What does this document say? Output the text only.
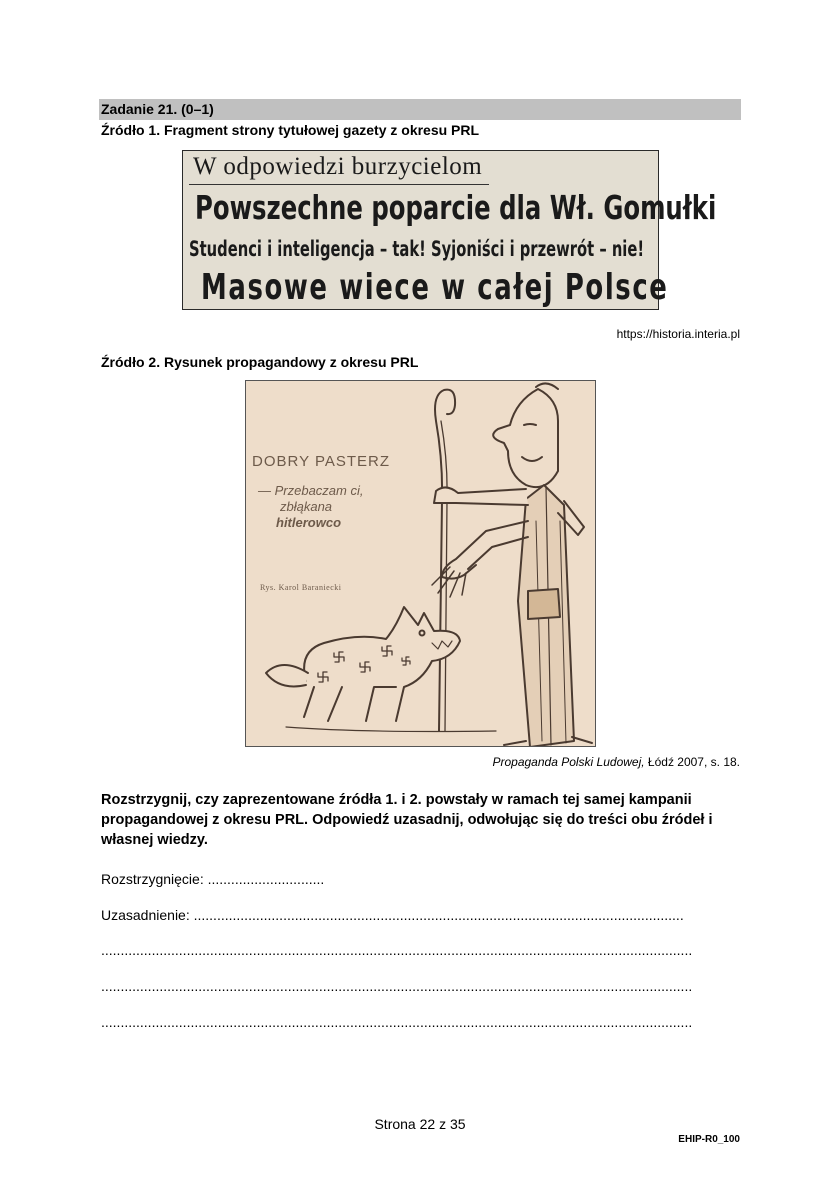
Zadanie 21. (0–1)
Źródło 1. Fragment strony tytułowej gazety z okresu PRL
W odpowiedzi burzycielom
Powszechne poparcie dla Wł. Gomułki
Studenci i inteligencja – tak! Syjoniści i przewrót – nie!
Masowe wiece w całej Polsce
https://historia.interia.pl
Źródło 2. Rysunek propagandowy z okresu PRL
DOBRY PASTERZ
— Przebaczam ci,
zbłąkana
hitlerowco
Rys. Karol Baraniecki
Propaganda Polski Ludowej, Łódź 2007, s. 18.
Rozstrzygnij, czy zaprezentowane źródła 1. i 2. powstały w ramach tej samej kampanii propagandowej z okresu PRL. Odpowiedź uzasadnij, odwołując się do treści obu źródeł i własnej wiedzy.
Rozstrzygnięcie: ..............................
Uzasadnienie: ..............................................................................................................................
........................................................................................................................................................
........................................................................................................................................................
........................................................................................................................................................
Strona 22 z 35
EHIP-R0_100
